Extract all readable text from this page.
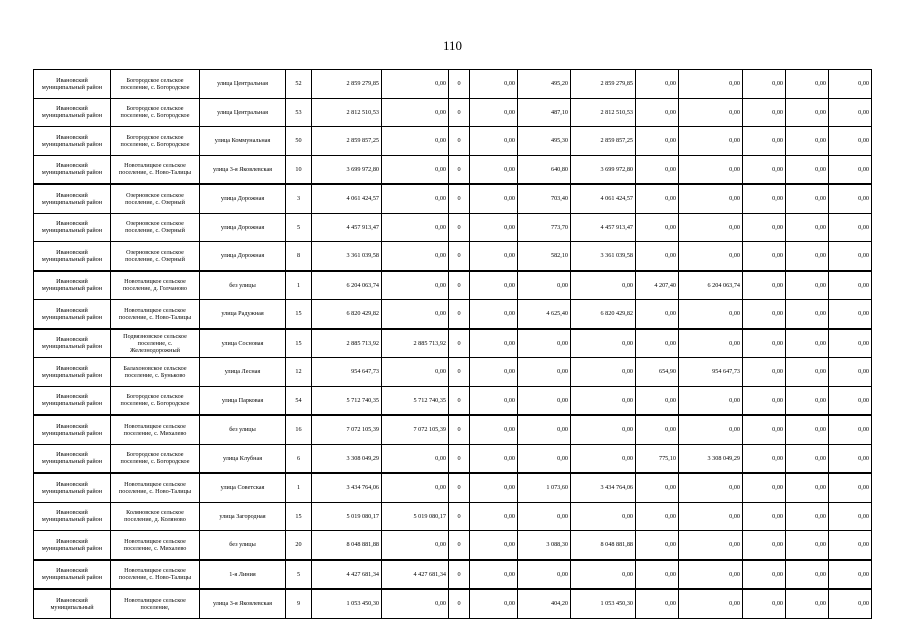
110
Ивановский муниципальный район	Богородское сельское поселение, с. Богородское	улица Центральная	52	2 859 279,85	0,00	0	0,00	495,20	2 859 279,85	0,00	0,00	0,00	0,00	0,00
Ивановский муниципальный район	Богородское сельское поселение, с. Богородское	улица Центральная	53	2 812 510,53	0,00	0	0,00	487,10	2 812 510,53	0,00	0,00	0,00	0,00	0,00
Ивановский муниципальный район	Богородское сельское поселение, с. Богородское	улица Коммунальная	50	2 859 857,25	0,00	0	0,00	495,30	2 859 857,25	0,00	0,00	0,00	0,00	0,00
Ивановский муниципальный район	Новоталицкое сельское поселение, с. Ново-Талицы	улица 3-я Яковлевская	10	3 699 972,80	0,00	0	0,00	640,80	3 699 972,80	0,00	0,00	0,00	0,00	0,00
Ивановский муниципальный район	Озерновское сельское поселение, с. Озерный	улица Дорожная	3	4 061 424,57	0,00	0	0,00	703,40	4 061 424,57	0,00	0,00	0,00	0,00	0,00
Ивановский муниципальный район	Озерновское сельское поселение, с. Озерный	улица Дорожная	5	4 457 913,47	0,00	0	0,00	773,70	4 457 913,47	0,00	0,00	0,00	0,00	0,00
Ивановский муниципальный район	Озерновское сельское поселение, с. Озерный	улица Дорожная	8	3 361 039,58	0,00	0	0,00	582,10	3 361 039,58	0,00	0,00	0,00	0,00	0,00
Ивановский муниципальный район	Новоталицкое сельское поселение, д. Голчаново	без улицы	1	6 204 063,74	0,00	0	0,00	0,00	0,00	4 207,40	6 204 063,74	0,00	0,00	0,00
Ивановский муниципальный район	Новоталицкое сельское поселение, с. Ново-Талицы	улица Радужная	15	6 820 429,82	0,00	0	0,00	4 625,40	6 820 429,82	0,00	0,00	0,00	0,00	0,00
Ивановский муниципальный район	Подвязновское сельское поселение, с. Железнодорожный	улица Сосновая	15	2 885 713,92	2 885 713,92	0	0,00	0,00	0,00	0,00	0,00	0,00	0,00	0,00
Ивановский муниципальный район	Балахоновское сельское поселение, с. Буньково	улица Лесная	12	954 647,73	0,00	0	0,00	0,00	0,00	654,90	954 647,73	0,00	0,00	0,00
Ивановский муниципальный район	Богородское сельское поселение, с. Богородское	улица Парковая	54	5 712 740,35	5 712 740,35	0	0,00	0,00	0,00	0,00	0,00	0,00	0,00	0,00
Ивановский муниципальный район	Новоталицкое сельское поселение, с. Михалево	без улицы	16	7 072 105,39	7 072 105,39	0	0,00	0,00	0,00	0,00	0,00	0,00	0,00	0,00
Ивановский муниципальный район	Богородское сельское поселение, с. Богородское	улица Клубная	6	3 308 049,29	0,00	0	0,00	0,00	0,00	775,10	3 308 049,29	0,00	0,00	0,00
Ивановский муниципальный район	Новоталицкое сельское поселение, с. Ново-Талицы	улица Советская	1	3 434 764,06	0,00	0	0,00	1 073,60	3 434 764,06	0,00	0,00	0,00	0,00	0,00
Ивановский муниципальный район	Коляновское сельское поселение, д. Коляново	улица Загородная	15	5 019 080,17	5 019 080,17	0	0,00	0,00	0,00	0,00	0,00	0,00	0,00	0,00
Ивановский муниципальный район	Новоталицкое сельское поселение, с. Михалево	без улицы	20	8 048 881,88	0,00	0	0,00	3 088,30	8 048 881,88	0,00	0,00	0,00	0,00	0,00
Ивановский муниципальный район	Новоталицкое сельское поселение, с. Ново-Талицы	1-я Линия	5	4 427 681,34	4 427 681,34	0	0,00	0,00	0,00	0,00	0,00	0,00	0,00	0,00
Ивановский муниципальный	Новоталицкое сельское поселение,	улица 3-я Яковлевская	9	1 053 450,30	0,00	0	0,00	404,20	1 053 450,30	0,00	0,00	0,00	0,00	0,00
